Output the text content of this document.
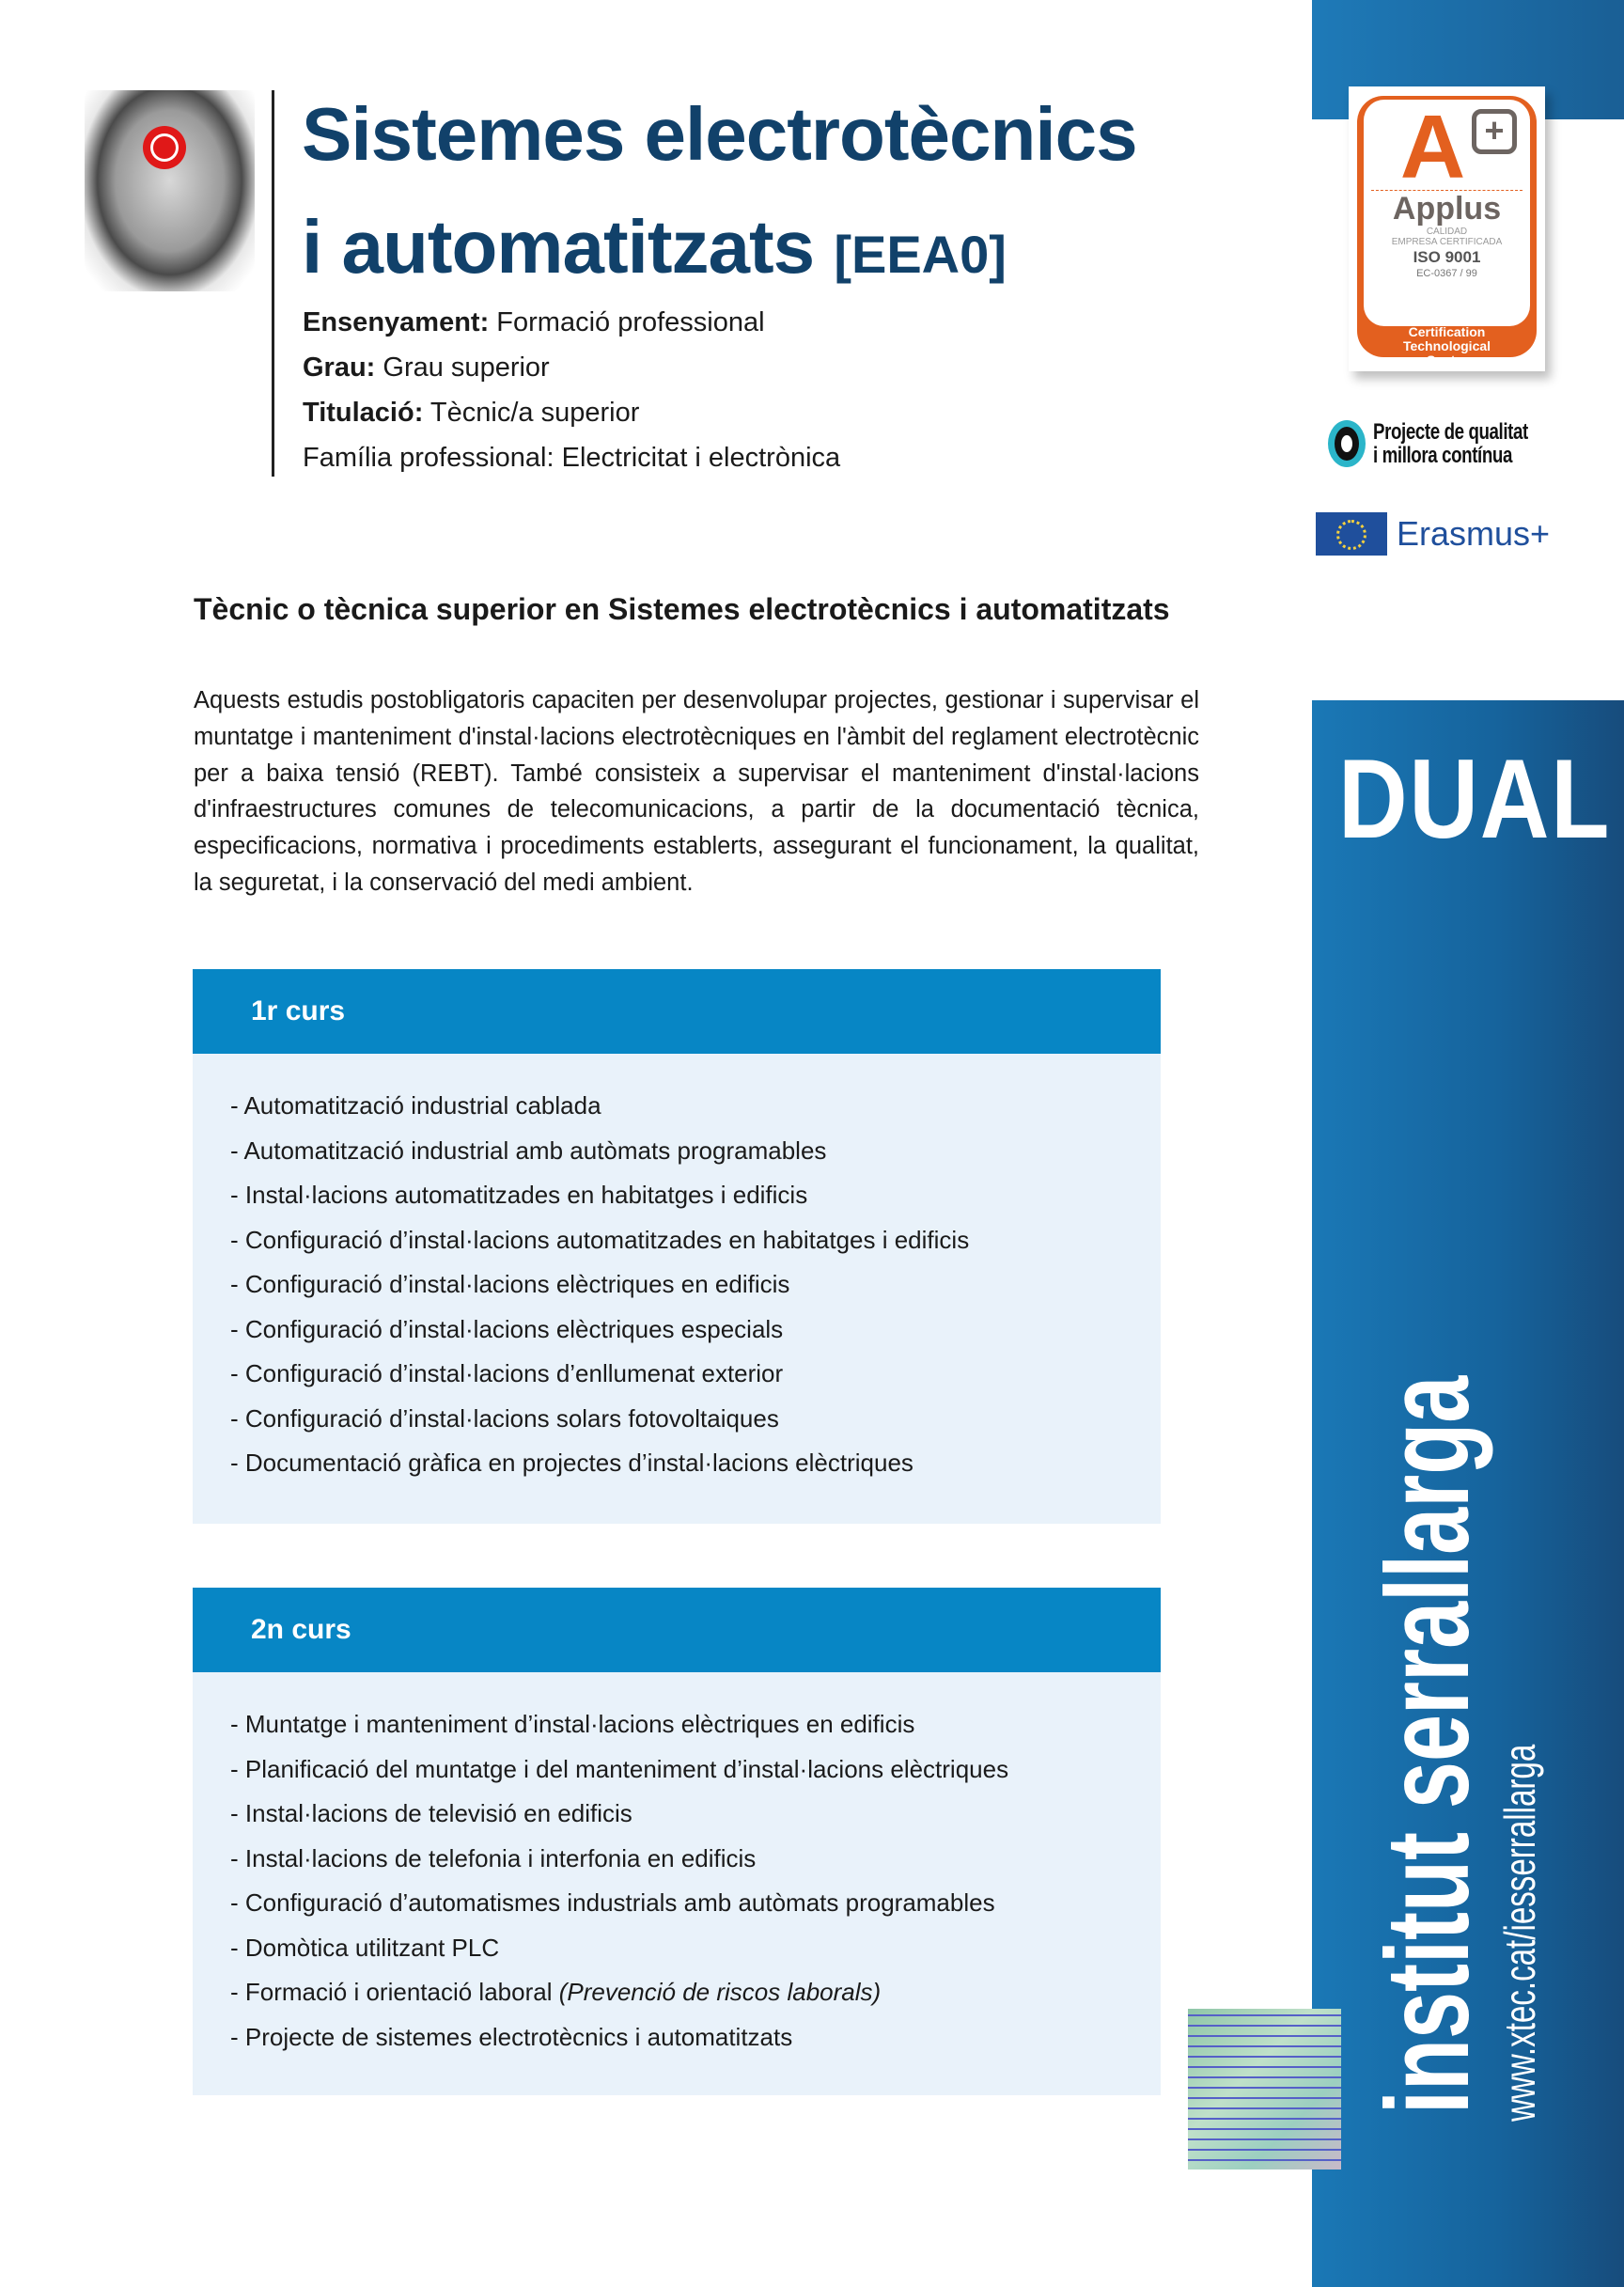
A +
Applus
CALIDAD
EMPRESA CERTIFICADA
ISO 9001
EC-0367 / 99
Certification
Technological
Center
Projecte de qualitat
i millora contínua
Erasmus+
DUAL
institut serrallarga www.xtec.cat/iesserrallarga
Sistemes electrotècnics
i automatitzats [EEA0]
Ensenyament: Formació professional
Grau: Grau superior
Titulació: Tècnic/a superior
Família professional: Electricitat i electrònica
Tècnic o tècnica superior en Sistemes electrotècnics i automatitzats
Aquests estudis postobligatoris capaciten per desenvolupar projectes, gestionar i supervisar el muntatge i manteniment d'instal·lacions electrotècniques en l'àmbit del reglament electrotècnic per a baixa tensió (REBT). També consisteix a supervisar el manteniment d'instal·lacions d'infraestructures comunes de telecomunicacions, a partir de la documentació tècnica, especificacions, normativa i procediments establerts, assegurant el funcionament, la qualitat, la seguretat, i la conservació del medi ambient.
1r curs
- Automatització industrial cablada
- Automatització industrial amb autòmats programables
- Instal·lacions automatitzades en habitatges i edificis
- Configuració d’instal·lacions automatitzades en habitatges i edificis
- Configuració d’instal·lacions elèctriques en edificis
- Configuració d’instal·lacions elèctriques especials
- Configuració d’instal·lacions d’enllumenat exterior
- Configuració d’instal·lacions solars fotovoltaiques
- Documentació gràfica en projectes d’instal·lacions elèctriques
2n curs
- Muntatge i manteniment d’instal·lacions elèctriques en edificis
- Planificació del muntatge i del manteniment d’instal·lacions elèctriques
- Instal·lacions de televisió en edificis
- Instal·lacions de telefonia i interfonia en edificis
- Configuració d’automatismes industrials amb autòmats programables
- Domòtica utilitzant PLC
- Formació i orientació laboral (Prevenció de riscos laborals)
- Projecte de sistemes electrotècnics i automatitzats
